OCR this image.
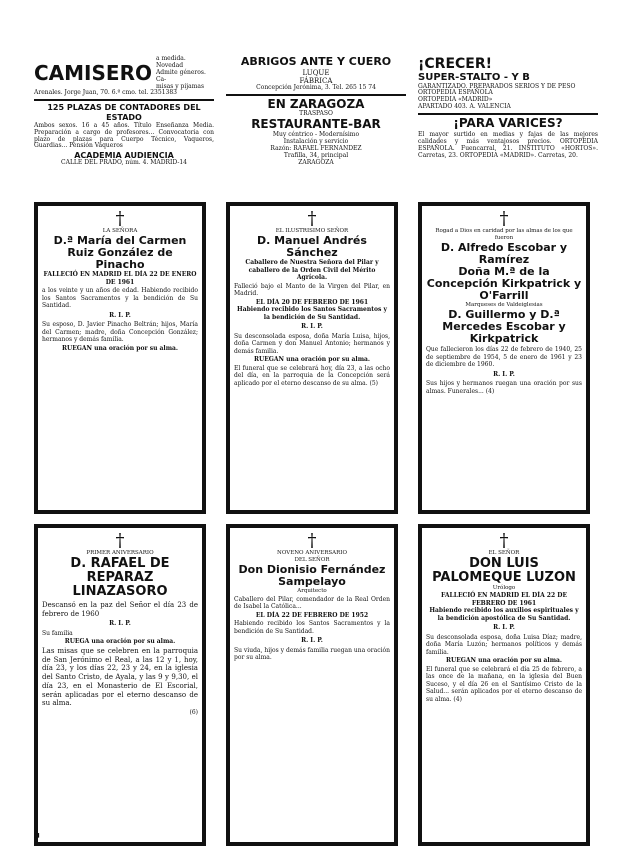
CAMISERO
a medida. Novedad
Admite géneros. Ca-
misas y pijamas
Arenales. Jorge Juan, 70. 6.º cmo. tel. 2351383
125 PLAZAS DE CONTADORES DEL ESTADO
Ambos sexos. 16 a 45 años. Título Enseñanza Media. Preparación a cargo de profesores... Convocatoria con plazo de plazas para Cuerpo Técnico, Vaqueros, Guardias... Pensión Vaqueros
ACADEMIA AUDIENCIA
CALLE DEL PRADO, núm. 4. MADRID-14
†
LA SEÑORA
D.ª María del Carmen Ruiz González de Pinacho
FALLECIÓ EN MADRID EL DÍA 22 DE ENERO DE 1961
a los veinte y un años de edad. Habiendo recibido los Santos Sacramentos y la bendición de Su Santidad.
R. I. P.
Su esposo, D. Javier Pinacho Beltrán; hijos, María del Carmen; madre, doña Concepción González; hermanos y demás familia.
RUEGAN una oración por su alma.
†
PRIMER ANIVERSARIO
D. RAFAEL DE REPARAZ LINAZASORO
Descansó en la paz del Señor el día 23 de febrero de 1960
R. I. P.
Su familia
RUEGA una oración por su alma.
Las misas que se celebren en la parroquia de San Jerónimo el Real, a las 12 y 1, hoy, día 23, y los días 22, 23 y 24, en la iglesia del Santo Cristo, de Ayala, y las 9 y 9,30, el día 23, en el Monasterio de El Escorial, serán aplicadas por el eterno descanso de su alma.
(6)
ABRIGOS ANTE Y CUERO
LUQUE
FÁBRICA
Concepción Jerónima, 3. Tel. 265 15 74
EN ZARAGOZA
TRASPASO
RESTAURANTE-BAR
Muy céntrico - Modernísimo
Instalación y servicio
Razón: RAFAEL FERNANDEZ
Trafilla, 34, principal
ZARAGOZA
†
EL ILUSTRISIMO SEÑOR
D. Manuel Andrés Sánchez
Caballero de Nuestra Señora del Pilar y caballero de la Orden Civil del Mérito Agrícola.
Falleció bajo el Manto de la Virgen del Pilar, en Madrid.
EL DÍA 20 DE FEBRERO DE 1961
Habiendo recibido los Santos Sacramentos y la bendición de Su Santidad.
R. I. P.
Su desconsolada esposa, doña María Luisa, hijos, doña Carmen y don Manuel Antonio; hermanos y demás familia.
RUEGAN una oración por su alma.
El funeral que se celebrará hoy, día 23, a las ocho del día, en la parroquia de la Concepción será aplicado por el eterno descanso de su alma. (5)
†
NOVENO ANIVERSARIO
DEL SEÑOR
Don Dionisio Fernández Sampelayo
Arquitecto
Caballero del Pilar, comendador de la Real Orden de Isabel la Católica...
EL DÍA 22 DE FEBRERO DE 1952
Habiendo recibido los Santos Sacramentos y la bendición de Su Santidad.
R. I. P.
Su viuda, hijos y demás familia ruegan una oración por su alma.
¡CRECER!
SUPER-STALTO - Y B
GARANTIZADO. PREPARADOS SERIOS Y DE PESO
ORTOPEDIA ESPAÑOLA
ORTOPEDIA «MADRID»
APARTADO 403. A. VALENCIA
¡PARA VARICES?
El mayor surtido en medias y fajas de las mejores calidades y más ventajosos precios. ORTOPEDIA ESPAÑOLA. Fuencarral, 21. INSTITUTO «HORTOS». Carretas, 23. ORTOPEDIA «MADRID». Carretas, 20.
†
Rogad a Dios en caridad por las almas de los que fueron
D. Alfredo Escobar y Ramírez
Doña M.ª de la Concepción Kirkpatrick y O'Farrill
Marqueses de Valdeiglesias
D. Guillermo y D.ª Mercedes Escobar y Kirkpatrick
Que fallecieron los días 22 de febrero de 1940, 25 de septiembre de 1954, 5 de enero de 1961 y 23 de diciembre de 1960.
R. I. P.
Sus hijos y hermanos ruegan una oración por sus almas. Funerales... (4)
†
EL SEÑOR
DON LUIS PALOMEQUE LUZON
Urólogo
FALLECIÓ EN MADRID EL DÍA 22 DE FEBRERO DE 1961
Habiendo recibido los auxilios espirituales y la bendición apostólica de Su Santidad.
R. I. P.
Su desconsolada esposa, doña Luisa Díaz; madre, doña María Luzón; hermanos políticos y demás familia.
RUEGAN una oración por su alma.
El funeral que se celebrará el día 25 de febrero, a las once de la mañana, en la iglesia del Buen Suceso, y el día 26 en el Santísimo Cristo de la Salud... serán aplicados por el eterno descanso de su alma. (4)
■
